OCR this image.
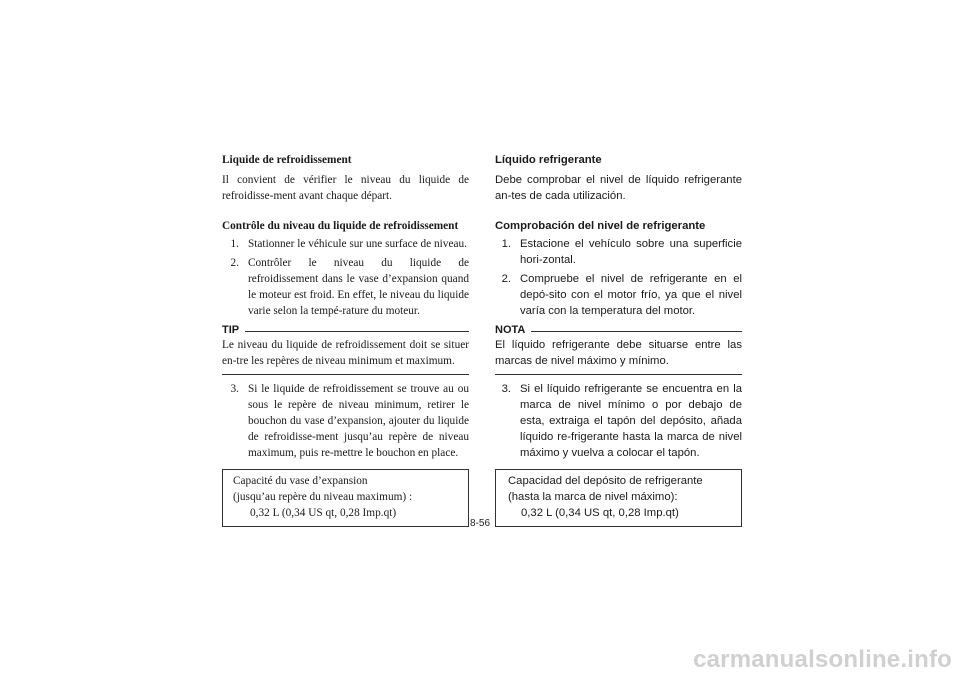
Liquide de refroidissement

Il convient de vérifier le niveau du liquide de refroidisse-ment avant chaque départ.

Contrôle du niveau du liquide de refroidissement

1. Stationner le véhicule sur une surface de niveau.
2. Contrôler le niveau du liquide de refroidissement dans le vase d’expansion quand le moteur est froid. En effet, le niveau du liquide varie selon la tempé-rature du moteur.
TIP

Le niveau du liquide de refroidissement doit se situer en-tre les repères de niveau minimum et maximum.

3. Si le liquide de refroidissement se trouve au ou sous le repère de niveau minimum, retirer le bouchon du vase d’expansion, ajouter du liquide de refroidisse-ment jusqu’au repère de niveau maximum, puis re-mettre le bouchon en place.

Capacité du vase d’expansion

(jusqu’au repère du niveau maximum) :

0,32 L (0,34 US qt, 0,28 Imp.qt)

Líquido refrigerante

Debe comprobar el nivel de líquido refrigerante an-tes de cada utilización.

Comprobación del nivel de refrigerante

1. Estacione el vehículo sobre una superficie hori-zontal.
2. Compruebe el nivel de refrigerante en el depó-sito con el motor frío, ya que el nivel varía con la temperatura del motor.
NOTA

El líquido refrigerante debe situarse entre las marcas de nivel máximo y mínimo.

3. Si el líquido refrigerante se encuentra en la marca de nivel mínimo o por debajo de esta, extraiga el tapón del depósito, añada líquido re-frigerante hasta la marca de nivel máximo y vuelva a colocar el tapón.

Capacidad del depósito de refrigerante

(hasta la marca de nivel máximo):

0,32 L (0,34 US qt, 0,28 Imp.qt)

8-56
carmanualsonline.info
